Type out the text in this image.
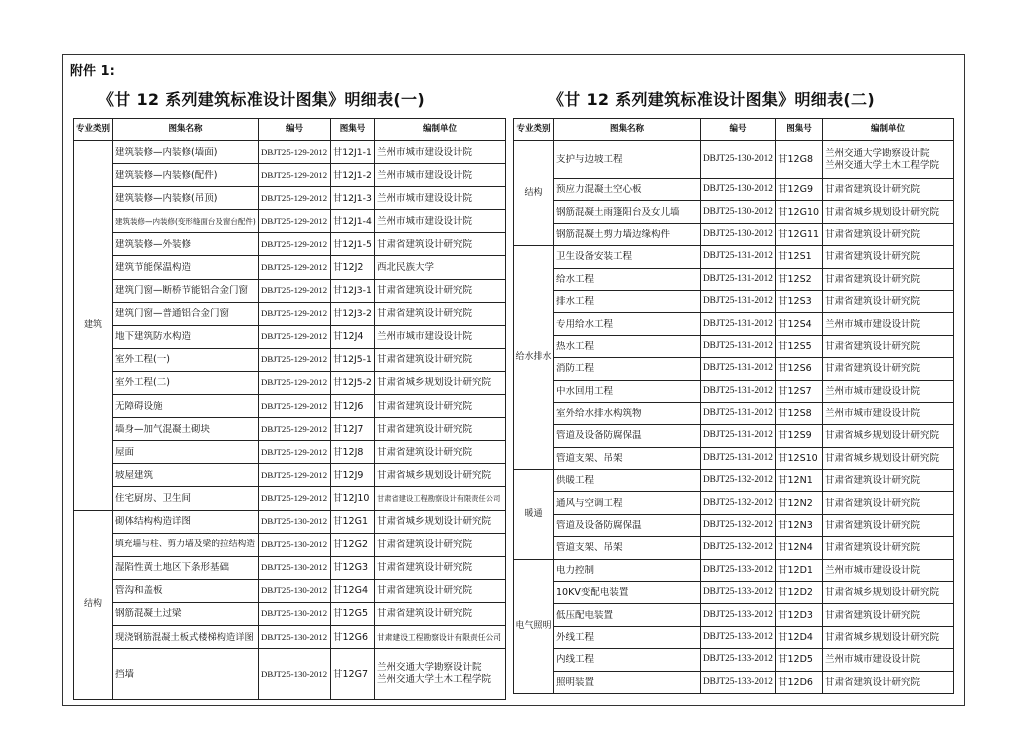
附件 1:
《甘 12 系列建筑标准设计图集》明细表(一)	《甘 12 系列建筑标准设计图集》明细表(二)
专业类别	图集名称	编号	图集号	编制单位
建筑	建筑装修—内装修(墙面)	DBJT25-129-2012	甘12J1-1	兰州市城市建设设计院

	建筑装修—内装修(配件)	DBJT25-129-2012	甘12J1-2	兰州市城市建设设计院

	建筑装修—内装修(吊顶)	DBJT25-129-2012	甘12J1-3	兰州市城市建设设计院

	建筑装修—内装修(变形缝面台及窗台配件)	DBJT25-129-2012	甘12J1-4	兰州市城市建设设计院

	建筑装修—外装修	DBJT25-129-2012	甘12J1-5	甘肃省建筑设计研究院

	建筑节能保温构造	DBJT25-129-2012	甘12J2	西北民族大学

	建筑门窗—断桥节能铝合金门窗	DBJT25-129-2012	甘12J3-1	甘肃省建筑设计研究院

	建筑门窗—普通铝合金门窗	DBJT25-129-2012	甘12J3-2	甘肃省建筑设计研究院

	地下建筑防水构造	DBJT25-129-2012	甘12J4	兰州市城市建设设计院

	室外工程(一)	DBJT25-129-2012	甘12J5-1	甘肃省建筑设计研究院

	室外工程(二)	DBJT25-129-2012	甘12J5-2	甘肃省城乡规划设计研究院

	无障碍设施	DBJT25-129-2012	甘12J6	甘肃省建筑设计研究院

	墙身—加气混凝土砌块	DBJT25-129-2012	甘12J7	甘肃省建筑设计研究院

	屋面	DBJT25-129-2012	甘12J8	甘肃省建筑设计研究院

	坡屋建筑	DBJT25-129-2012	甘12J9	甘肃省城乡规划设计研究院

	住宅厨房、卫生间	DBJT25-129-2012	甘12J10	甘肃省建设工程勘察设计有限责任公司

结构	砌体结构构造详图	DBJT25-130-2012	甘12G1	甘肃省城乡规划设计研究院

	填充墙与柱、剪力墙及梁的拉结构造	DBJT25-130-2012	甘12G2	甘肃省建筑设计研究院

	湿陷性黄土地区下条形基础	DBJT25-130-2012	甘12G3	甘肃省建筑设计研究院

	管沟和盖板	DBJT25-130-2012	甘12G4	甘肃省建筑设计研究院

	钢筋混凝土过梁	DBJT25-130-2012	甘12G5	甘肃省建筑设计研究院

	现浇钢筋混凝土板式楼梯构造详图	DBJT25-130-2012	甘12G6	甘肃建设工程勘察设计有限责任公司

	挡墙	DBJT25-130-2012	甘12G7	兰州交通大学勘察设计院
兰州交通大学土木工程学院
专业类别	图集名称	编号	图集号	编制单位
结构	支护与边坡工程	DBJT25-130-2012	甘12G8	兰州交通大学勘察设计院
兰州交通大学土木工程学院

	预应力混凝土空心板	DBJT25-130-2012	甘12G9	甘肃省建筑设计研究院

	钢筋混凝土雨篷阳台及女儿墙	DBJT25-130-2012	甘12G10	甘肃省城乡规划设计研究院

	钢筋混凝土剪力墙边缘构件	DBJT25-130-2012	甘12G11	甘肃省建筑设计研究院

给水排水	卫生设备安装工程	DBJT25-131-2012	甘12S1	甘肃省建筑设计研究院

	给水工程	DBJT25-131-2012	甘12S2	甘肃省建筑设计研究院

	排水工程	DBJT25-131-2012	甘12S3	甘肃省建筑设计研究院

	专用给水工程	DBJT25-131-2012	甘12S4	兰州市城市建设设计院

	热水工程	DBJT25-131-2012	甘12S5	甘肃省建筑设计研究院

	消防工程	DBJT25-131-2012	甘12S6	甘肃省建筑设计研究院

	中水回用工程	DBJT25-131-2012	甘12S7	兰州市城市建设设计院

	室外给水排水构筑物	DBJT25-131-2012	甘12S8	兰州市城市建设设计院

	管道及设备防腐保温	DBJT25-131-2012	甘12S9	甘肃省城乡规划设计研究院

	管道支架、吊架	DBJT25-131-2012	甘12S10	甘肃省城乡规划设计研究院

暖通	供暖工程	DBJT25-132-2012	甘12N1	甘肃省建筑设计研究院

	通风与空调工程	DBJT25-132-2012	甘12N2	甘肃省建筑设计研究院

	管道及设备防腐保温	DBJT25-132-2012	甘12N3	甘肃省建筑设计研究院

	管道支架、吊架	DBJT25-132-2012	甘12N4	甘肃省建筑设计研究院

电气照明	电力控制	DBJT25-133-2012	甘12D1	兰州市城市建设设计院

	10KV变配电装置	DBJT25-133-2012	甘12D2	甘肃省城乡规划设计研究院

	低压配电装置	DBJT25-133-2012	甘12D3	甘肃省建筑设计研究院

	外线工程	DBJT25-133-2012	甘12D4	甘肃省城乡规划设计研究院

	内线工程	DBJT25-133-2012	甘12D5	兰州市城市建设设计院

	照明装置	DBJT25-133-2012	甘12D6	甘肃省建筑设计研究院
